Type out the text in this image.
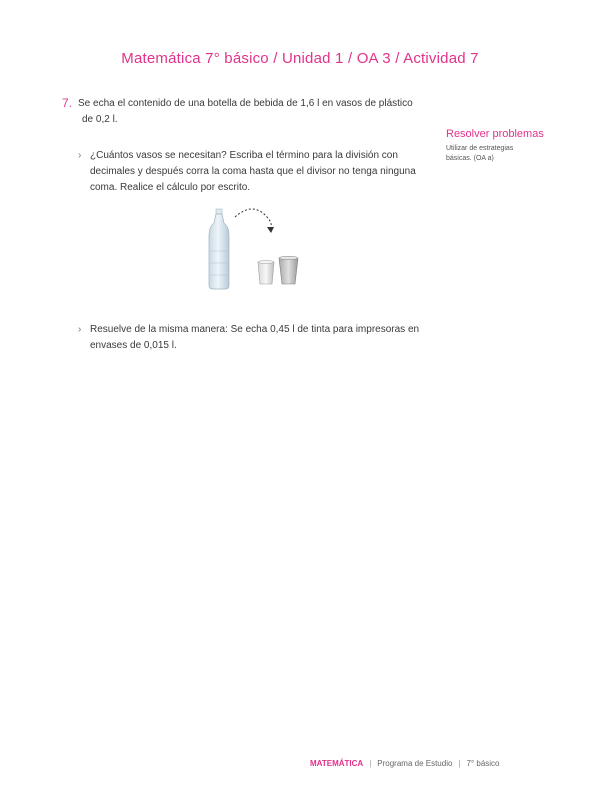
Matemática 7° básico / Unidad 1 / OA 3 / Actividad 7
7. Se echa el contenido de una botella de bebida de 1,6 l en vasos de plástico
de 0,2 l.
› ¿Cuántos vasos se necesitan? Escriba el término para la división con decimales y después corra la coma hasta que el divisor no tenga ninguna coma. Realice el cálculo por escrito.
› Resuelve de la misma manera: Se echa 0,45 l de tinta para impresoras en envases de 0,015 l.
Resolver problemas
Utilizar de estrategias básicas. (OA a)
MATEMÁTICA | Programa de Estudio | 7° básico
